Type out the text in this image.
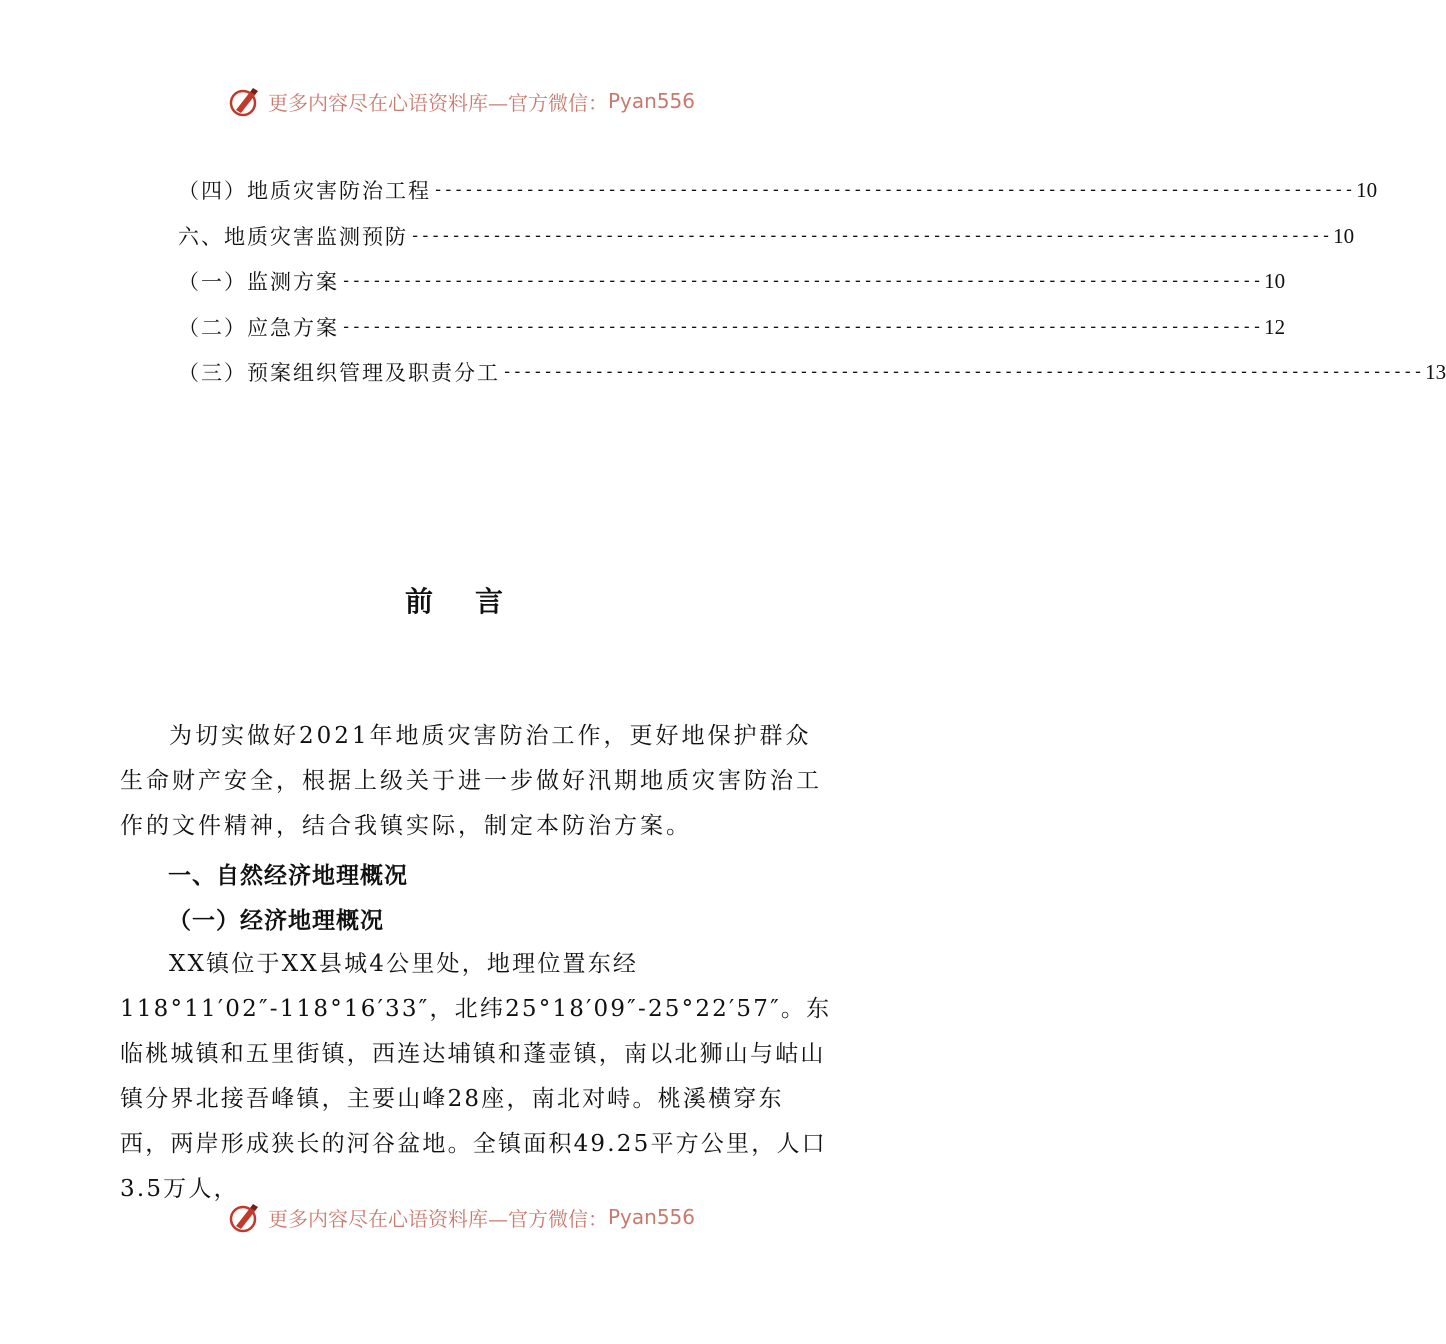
更多内容尽在心语资料库—官方微信： Pyan556
（四）地质灾害防治工程 ------------------------------------------------------------------------------------------ 10
六、地质灾害监测预防 ------------------------------------------------------------------------------------------ 10
（一）监测方案 ------------------------------------------------------------------------------------------ 10
（二）应急方案 ------------------------------------------------------------------------------------------ 12
（三）预案组织管理及职责分工 ------------------------------------------------------------------------------------------ 13
前言

为切实做好2021年地质灾害防治工作，更好地保护群众生命财产安全，根据上级关于进一步做好汛期地质灾害防治工作的文件精神，结合我镇实际，制定本防治方案。

一、自然经济地理概况
（一）经济地理概况

XX镇位于XX县城4公里处，地理位置东经118°11′02″-118°16′33″，北纬25°18′09″-25°22′57″。东临桃城镇和五里街镇，西连达埔镇和蓬壶镇，南以北狮山与岵山镇分界北接吾峰镇，主要山峰28座，南北对峙。桃溪横穿东西，两岸形成狭长的河谷盆地。全镇面积49.25平方公里，人口3.5万人，

更多内容尽在心语资料库—官方微信： Pyan556
